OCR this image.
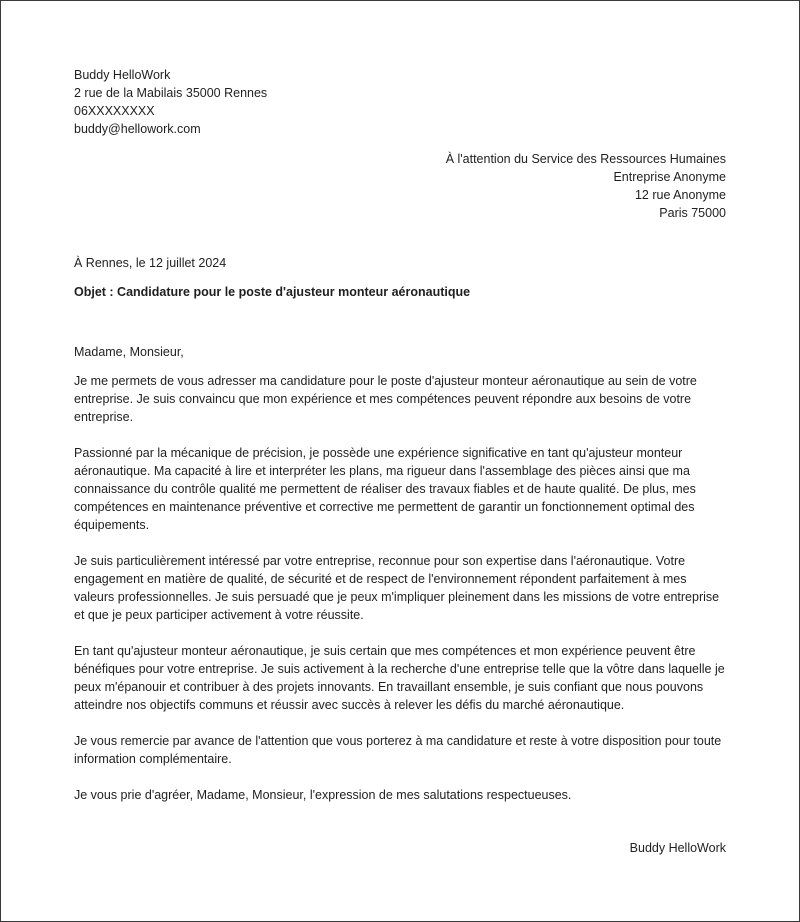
Buddy HelloWork
2 rue de la Mabilais 35000 Rennes
06XXXXXXXX
buddy@hellowork.com
À l'attention du Service des Ressources Humaines
Entreprise Anonyme
12 rue Anonyme
Paris 75000
À Rennes, le 12 juillet 2024
Objet : Candidature pour le poste d'ajusteur monteur aéronautique

Madame, Monsieur,

Je me permets de vous adresser ma candidature pour le poste d'ajusteur monteur aéronautique au sein de votre entreprise. Je suis convaincu que mon expérience et mes compétences peuvent répondre aux besoins de votre entreprise.

Passionné par la mécanique de précision, je possède une expérience significative en tant qu'ajusteur monteur aéronautique. Ma capacité à lire et interpréter les plans, ma rigueur dans l'assemblage des pièces ainsi que ma connaissance du contrôle qualité me permettent de réaliser des travaux fiables et de haute qualité. De plus, mes compétences en maintenance préventive et corrective me permettent de garantir un fonctionnement optimal des équipements.

Je suis particulièrement intéressé par votre entreprise, reconnue pour son expertise dans l'aéronautique. Votre engagement en matière de qualité, de sécurité et de respect de l'environnement répondent parfaitement à mes valeurs professionnelles. Je suis persuadé que je peux m'impliquer pleinement dans les missions de votre entreprise et que je peux participer activement à votre réussite.

En tant qu'ajusteur monteur aéronautique, je suis certain que mes compétences et mon expérience peuvent être bénéfiques pour votre entreprise. Je suis activement à la recherche d'une entreprise telle que la vôtre dans laquelle je peux m'épanouir et contribuer à des projets innovants. En travaillant ensemble, je suis confiant que nous pouvons atteindre nos objectifs communs et réussir avec succès à relever les défis du marché aéronautique.

Je vous remercie par avance de l'attention que vous porterez à ma candidature et reste à votre disposition pour toute information complémentaire.

Je vous prie d'agréer, Madame, Monsieur, l'expression de mes salutations respectueuses.

Buddy HelloWork
